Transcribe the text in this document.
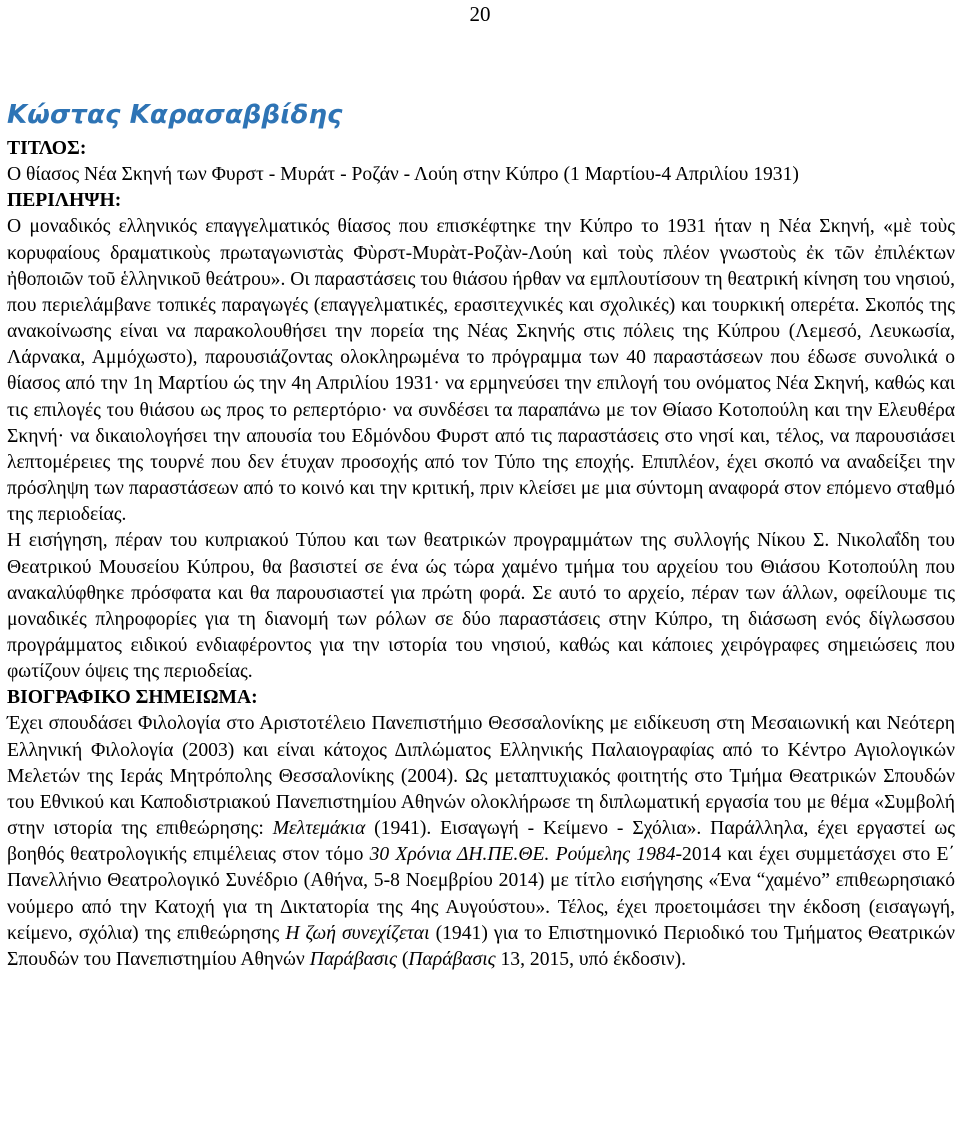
20
Κώστας Καρασαββίδης

ΤΙΤΛΟΣ:

Ο θίασος Νέα Σκηνή των Φυρστ - Μυράτ - Ροζάν - Λούη στην Κύπρο (1 Μαρτίου-4 Απριλίου 1931)

ΠΕΡΙΛΗΨΗ:

Ο μοναδικός ελληνικός επαγγελματικός θίασος που επισκέφτηκε την Κύπρο το 1931 ήταν η Νέα Σκηνή, «μὲ τοὺς κορυφαίους δραματικοὺς πρωταγωνιστὰς Φὺρστ-Μυρὰτ-Ροζὰν-Λούη καὶ τοὺς πλέον γνωστοὺς ἐκ τῶν ἐπιλέκτων ἠθοποιῶν τοῦ ἑλληνικοῦ θεάτρου». Οι παραστάσεις του θιάσου ήρθαν να εμπλουτίσουν τη θεατρική κίνηση του νησιού, που περιελάμβανε τοπικές παραγωγές (επαγγελματικές, ερασιτεχνικές και σχολικές) και τουρκική οπερέτα. Σκοπός της ανακοίνωσης είναι να παρακολουθήσει την πορεία της Νέας Σκηνής στις πόλεις της Κύπρου (Λεμεσό, Λευκωσία, Λάρνακα, Αμμόχωστο), παρουσιάζοντας ολοκληρωμένα το πρόγραμμα των 40 παραστάσεων που έδωσε συνολικά ο θίασος από την 1η Μαρτίου ώς την 4η Απριλίου 1931· να ερμηνεύσει την επιλογή του ονόματος Νέα Σκηνή, καθώς και τις επιλογές του θιάσου ως προς το ρεπερτόριο· να συνδέσει τα παραπάνω με τον Θίασο Κοτοπούλη και την Ελευθέρα Σκηνή· να δικαιολογήσει την απουσία του Εδμόνδου Φυρστ από τις παραστάσεις στο νησί και, τέλος, να παρουσιάσει λεπτομέρειες της τουρνέ που δεν έτυχαν προσοχής από τον Τύπο της εποχής. Επιπλέον, έχει σκοπό να αναδείξει την πρόσληψη των παραστάσεων από το κοινό και την κριτική, πριν κλείσει με μια σύντομη αναφορά στον επόμενο σταθμό της περιοδείας.

Η εισήγηση, πέραν του κυπριακού Τύπου και των θεατρικών προγραμμάτων της συλλογής Νίκου Σ. Νικολαΐδη του Θεατρικού Μουσείου Κύπρου, θα βασιστεί σε ένα ώς τώρα χαμένο τμήμα του αρχείου του Θιάσου Κοτοπούλη που ανακαλύφθηκε πρόσφατα και θα παρουσιαστεί για πρώτη φορά. Σε αυτό το αρχείο, πέραν των άλλων, οφείλουμε τις μοναδικές πληροφορίες για τη διανομή των ρόλων σε δύο παραστάσεις στην Κύπρο, τη διάσωση ενός δίγλωσσου προγράμματος ειδικού ενδιαφέροντος για την ιστορία του νησιού, καθώς και κάποιες χειρόγραφες σημειώσεις που φωτίζουν όψεις της περιοδείας.

ΒΙΟΓΡΑΦΙΚΟ ΣΗΜΕΙΩΜΑ:

Έχει σπουδάσει Φιλολογία στο Αριστοτέλειο Πανεπιστήμιο Θεσσαλονίκης με ειδίκευση στη Μεσαιωνική και Νεότερη Ελληνική Φιλολογία (2003) και είναι κάτοχος Διπλώματος Ελληνικής Παλαιογραφίας από το Κέντρο Αγιολογικών Μελετών της Ιεράς Μητρόπολης Θεσσαλονίκης (2004). Ως μεταπτυχιακός φοιτητής στο Τμήμα Θεατρικών Σπουδών του Εθνικού και Καποδιστριακού Πανεπιστημίου Αθηνών ολοκλήρωσε τη διπλωματική εργασία του με θέμα «Συμβολή στην ιστορία της επιθεώρησης: Μελτεμάκια (1941). Εισαγωγή - Κείμενο - Σχόλια». Παράλληλα, έχει εργαστεί ως βοηθός θεατρολογικής επιμέλειας στον τόμο 30 Χρόνια ΔΗ.ΠΕ.ΘΕ. Ρούμελης 1984-2014 και έχει συμμετάσχει στο Ε΄ Πανελλήνιο Θεατρολογικό Συνέδριο (Αθήνα, 5-8 Νοεμβρίου 2014) με τίτλο εισήγησης «Ένα “χαμένο” επιθεωρησιακό νούμερο από την Κατοχή για τη Δικτατορία της 4ης Αυγούστου». Τέλος, έχει προετοιμάσει την έκδοση (εισαγωγή, κείμενο, σχόλια) της επιθεώρησης Η ζωή συνεχίζεται (1941) για το Επιστημονικό Περιοδικό του Τμήματος Θεατρικών Σπουδών του Πανεπιστημίου Αθηνών Παράβασις (Παράβασις 13, 2015, υπό έκδοσιν).
